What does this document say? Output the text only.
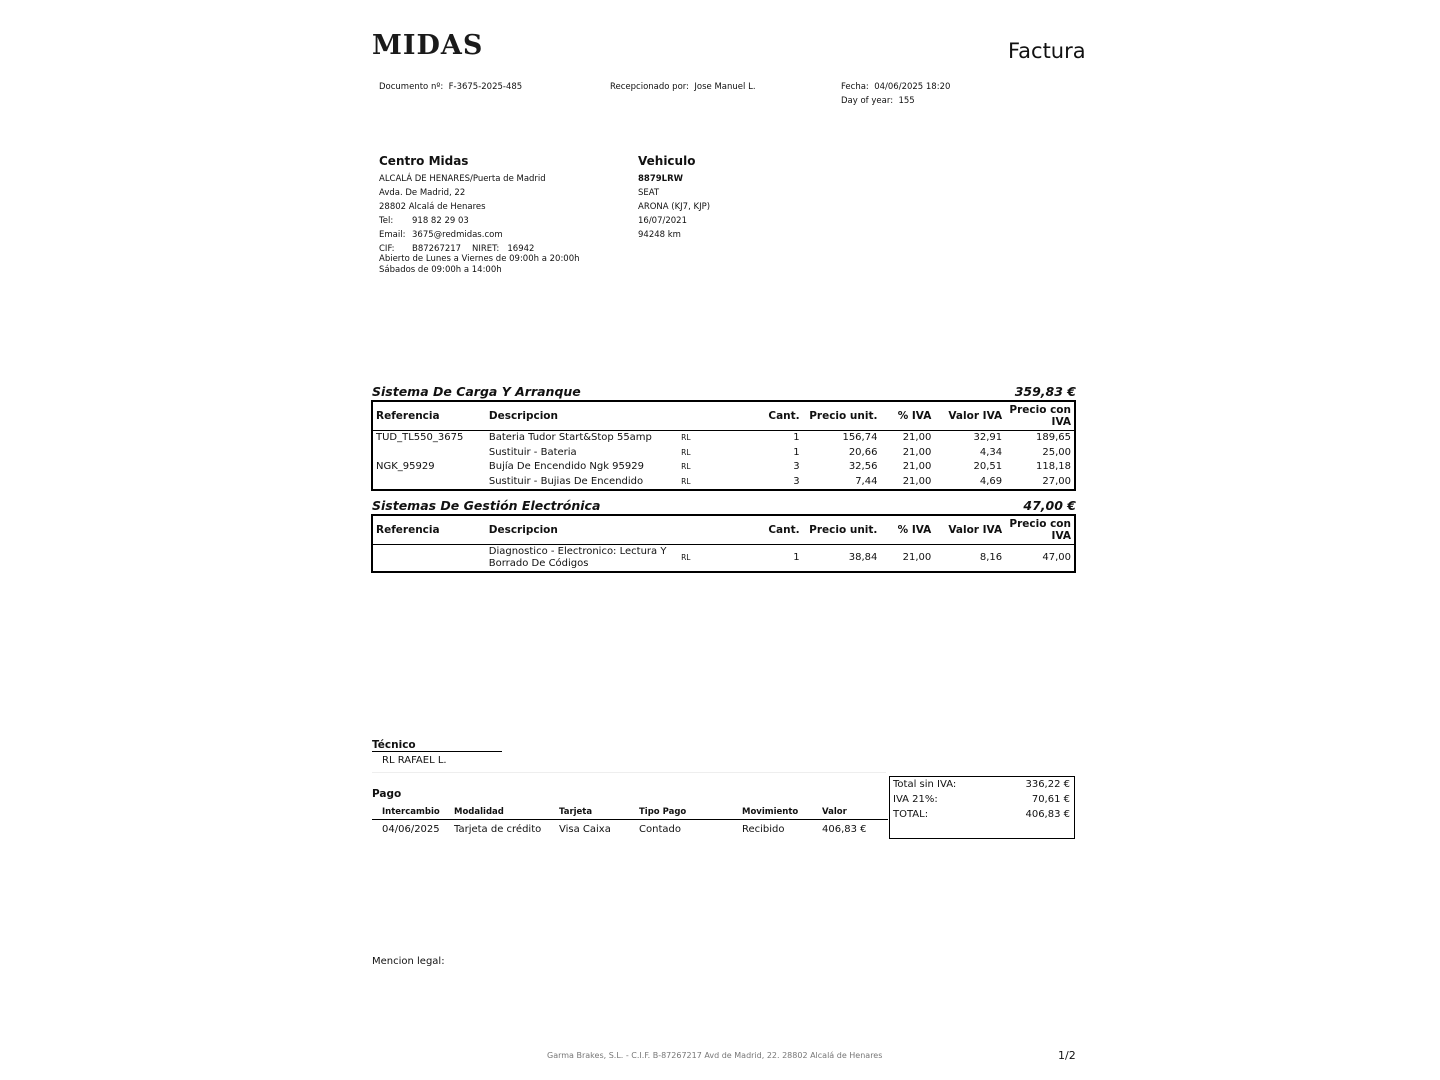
MIDAS	Factura
Documento nº: F-3675-2025-485	Recepcionado por: Jose Manuel L.	Fecha: 04/06/2025 18:20
Day of year: 155
Centro Midas
ALCALÁ DE HENARES/Puerta de Madrid
Avda. De Madrid, 22
28802 Alcalá de Henares
Tel: 918 82 29 03
Email: 3675@redmidas.com
CIF: B87267217 NIRET: 16942
Abierto de Lunes a Viernes de 09:00h a 20:00h
Sábados de 09:00h a 14:00h
Vehiculo
8879LRW
SEAT
ARONA (KJ7, KJP)
16/07/2021
94248 km
Sistema De Carga Y Arranque	359,83 €
Referencia	Descripcion		Cant.	Precio unit.	% IVA	Valor IVA	Precio con
IVA
TUD_TL550_3675	Bateria Tudor Start&Stop 55amp	RL	1	156,74	21,00	32,91	189,65
	Sustituir - Bateria	RL	1	20,66	21,00	4,34	25,00
NGK_95929	Bujía De Encendido Ngk 95929	RL	3	32,56	21,00	20,51	118,18
	Sustituir - Bujias De Encendido	RL	3	7,44	21,00	4,69	27,00
Sistemas De Gestión Electrónica	47,00 €
Referencia	Descripcion		Cant.	Precio unit.	% IVA	Valor IVA	Precio con
IVA
	Diagnostico - Electronico: Lectura Y
Borrado De Códigos	RL	1	38,84	21,00	8,16	47,00
Técnico
RL RAFAEL L.
Pago
Intercambio	Modalidad	Tarjeta	Tipo Pago	Movimiento	Valor
04/06/2025	Tarjeta de crédito	Visa Caixa	Contado	Recibido	406,83 €
Total sin IVA:	336,22 €
IVA 21%:	70,61 €
TOTAL:	406,83 €
Mencion legal:
Garma Brakes, S.L. - C.I.F. B-87267217 Avd de Madrid, 22. 28802 Alcalá de Henares	1/2
